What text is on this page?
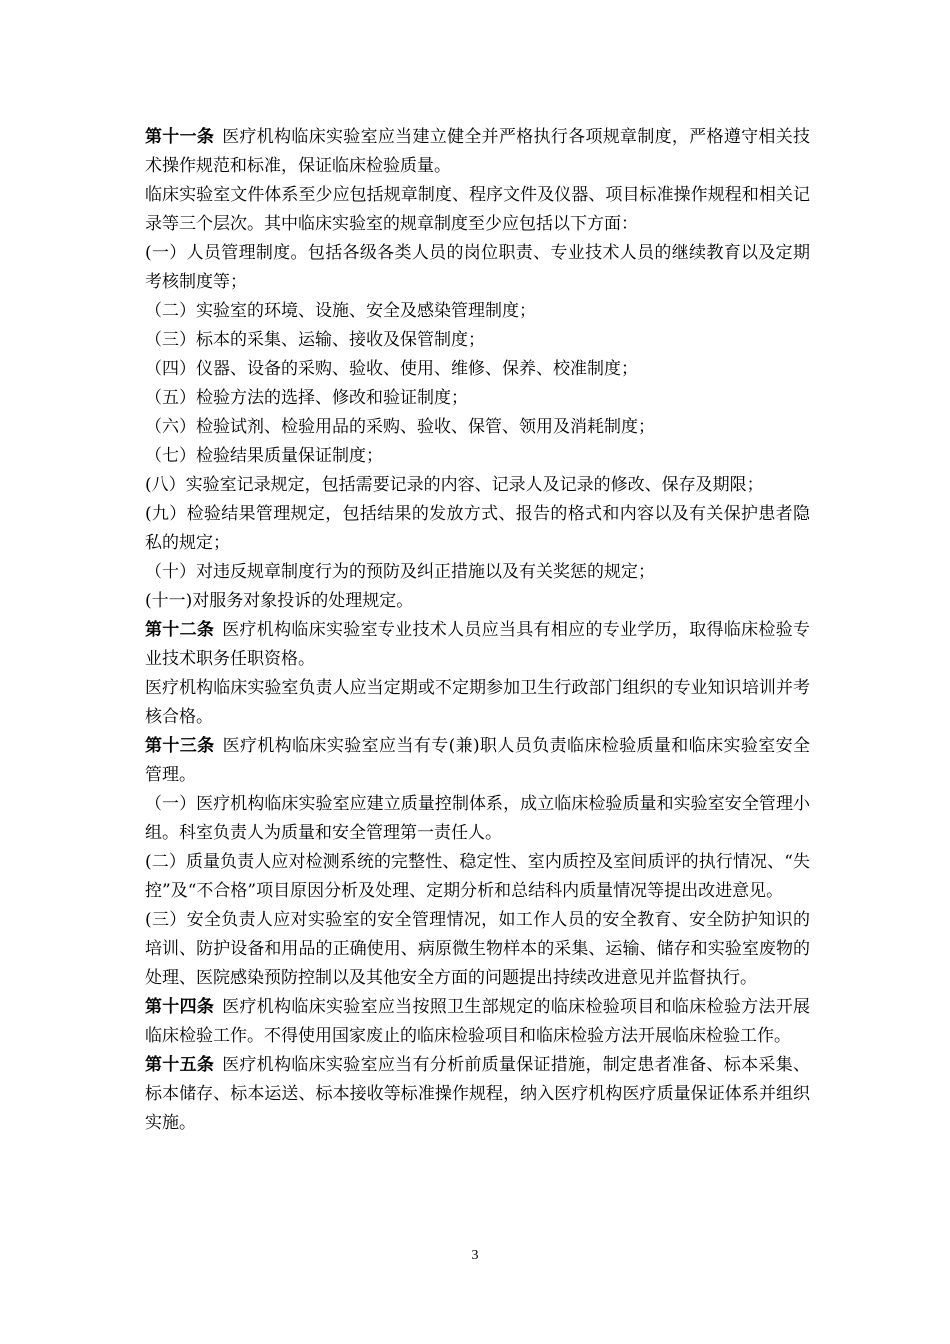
第十一条 医疗机构临床实验室应当建立健全并严格执行各项规章制度，严格遵守相关技术操作规范和标准，保证临床检验质量。

临床实验室文件体系至少应包括规章制度、程序文件及仪器、项目标准操作规程和相关记录等三个层次。其中临床实验室的规章制度至少应包括以下方面：

(一）人员管理制度。包括各级各类人员的岗位职责、专业技术人员的继续教育以及定期考核制度等；

（二）实验室的环境、设施、安全及感染管理制度；

（三）标本的采集、运输、接收及保管制度；

（四）仪器、设备的采购、验收、使用、维修、保养、校准制度；

（五）检验方法的选择、修改和验证制度；

（六）检验试剂、检验用品的采购、验收、保管、领用及消耗制度；

（七）检验结果质量保证制度；

(八）实验室记录规定，包括需要记录的内容、记录人及记录的修改、保存及期限；

(九）检验结果管理规定，包括结果的发放方式、报告的格式和内容以及有关保护患者隐私的规定；

（十）对违反规章制度行为的预防及纠正措施以及有关奖惩的规定；

(十一)对服务对象投诉的处理规定。

第十二条 医疗机构临床实验室专业技术人员应当具有相应的专业学历，取得临床检验专业技术职务任职资格。

医疗机构临床实验室负责人应当定期或不定期参加卫生行政部门组织的专业知识培训并考核合格。

第十三条 医疗机构临床实验室应当有专(兼)职人员负责临床检验质量和临床实验室安全管理。

（一）医疗机构临床实验室应建立质量控制体系，成立临床检验质量和实验室安全管理小组。科室负责人为质量和安全管理第一责任人。

(二）质量负责人应对检测系统的完整性、稳定性、室内质控及室间质评的执行情况、“失控”及“不合格”项目原因分析及处理、定期分析和总结科内质量情况等提出改进意见。

(三）安全负责人应对实验室的安全管理情况，如工作人员的安全教育、安全防护知识的培训、防护设备和用品的正确使用、病原微生物样本的采集、运输、储存和实验室废物的处理、医院感染预防控制以及其他安全方面的问题提出持续改进意见并监督执行。

第十四条 医疗机构临床实验室应当按照卫生部规定的临床检验项目和临床检验方法开展临床检验工作。不得使用国家废止的临床检验项目和临床检验方法开展临床检验工作。

第十五条 医疗机构临床实验室应当有分析前质量保证措施，制定患者准备、标本采集、标本储存、标本运送、标本接收等标准操作规程，纳入医疗机构医疗质量保证体系并组织实施。

3
